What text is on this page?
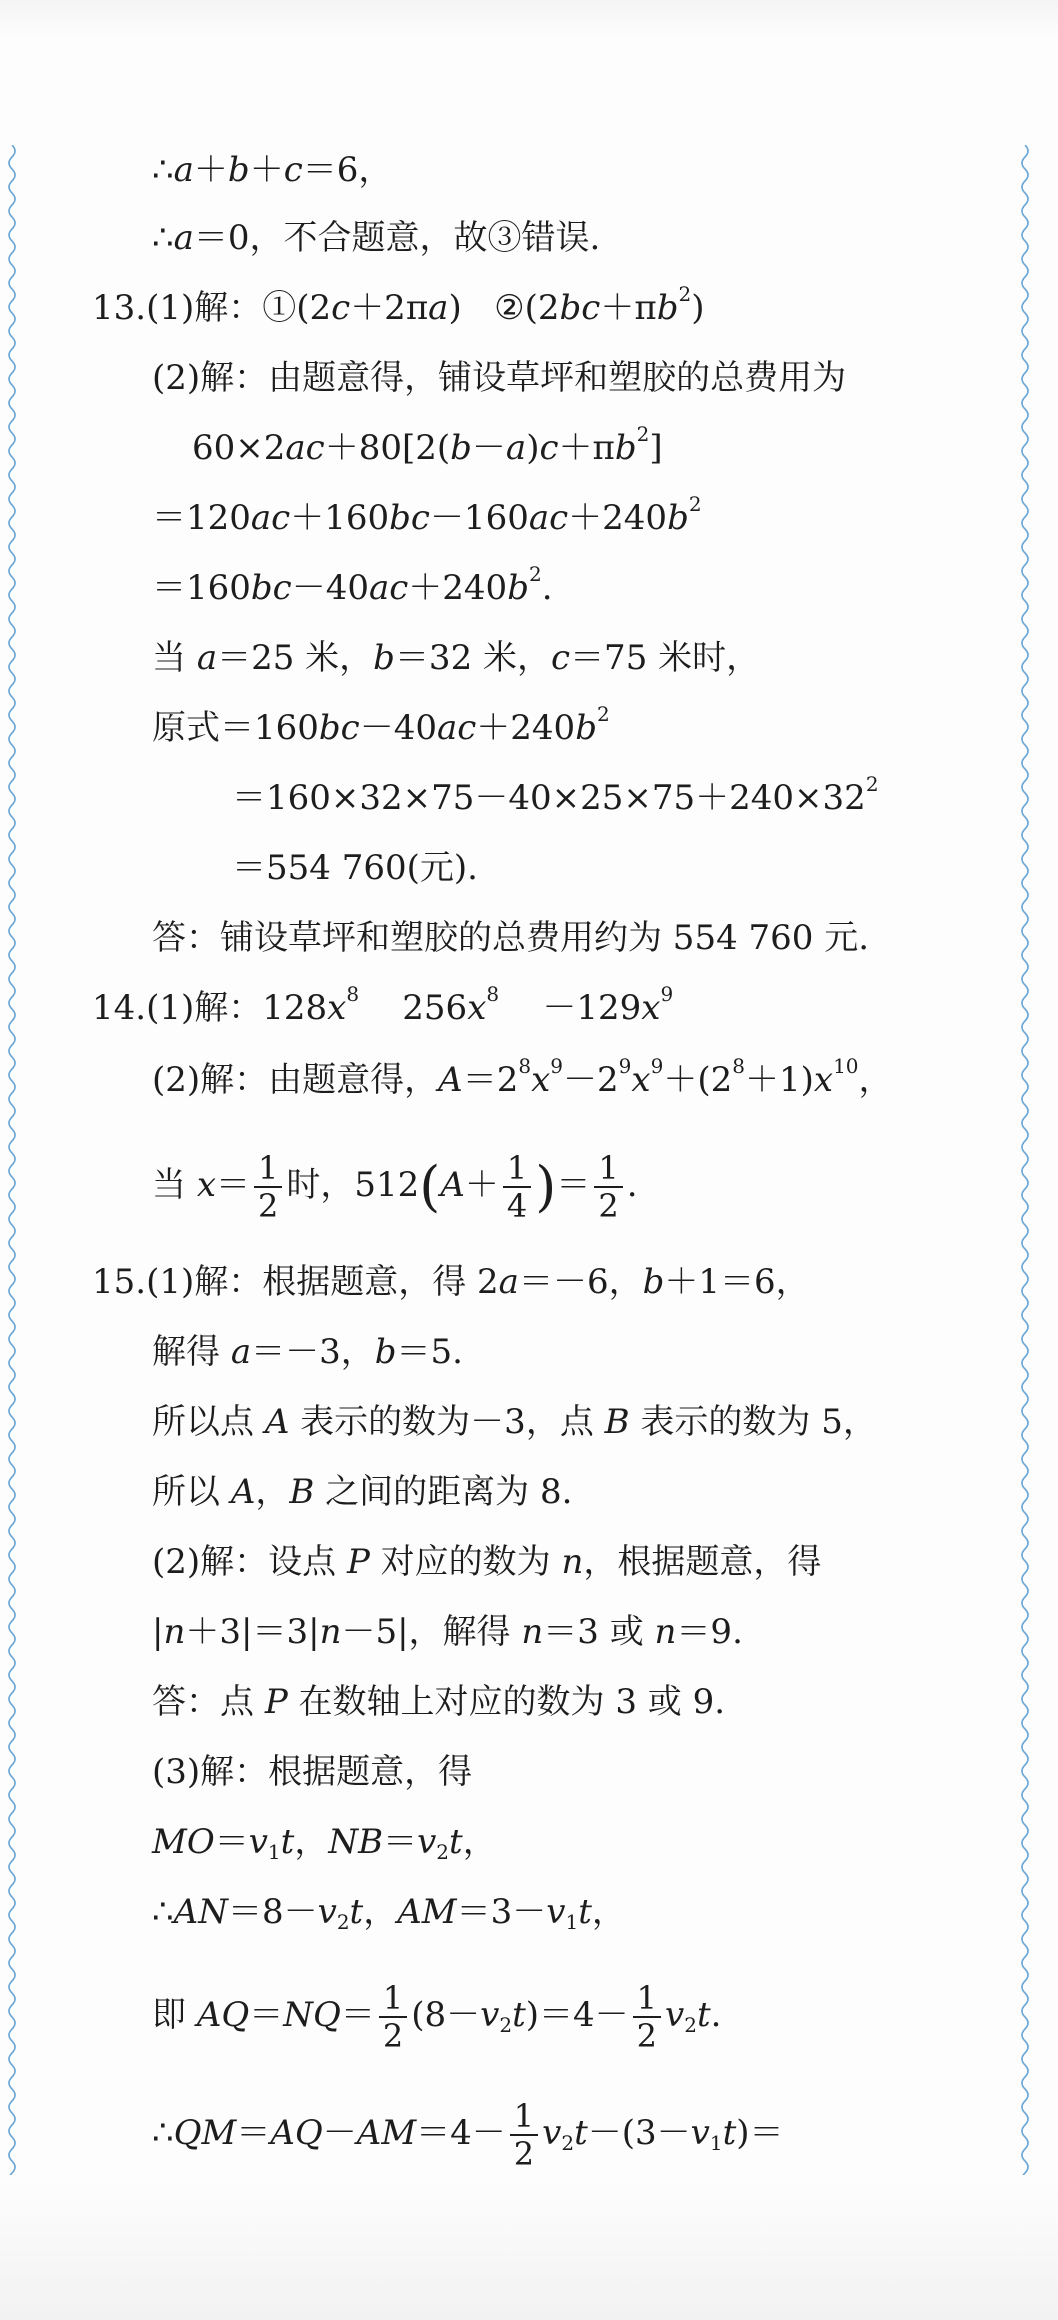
∴a＋b＋c＝6，
∴a＝0，不合题意，故③错误.
13.(1)解：①(2c＋2πa)   $②(2bc+\pi b^2)$
(2)解：由题意得，铺设草坪和塑胶的总费用为
$60\times 2ac+80[2(b-a)c+\pi b^2]$
$=120ac+160bc-160ac+240b^2$
$=160bc-40ac+240b^2$.
当 a＝25 米，b＝32 米，c＝75 米时，
原式$=160bc-40ac+240b^2$
$=160\times 32\times 75-40\times 25\times 75+240\times 32^2$
＝554 760(元).
答：铺设草坪和塑胶的总费用约为 554 760 元.
14.(1)解：$128x^8$    $256x^8$    $-129x^9$
(2)解：由题意得，$A=2^8x^9-2^9x^9+(2^8+1)x^{10}$，
当 $x= \frac{1}{2}$ 时，$512(A+ \frac{1}{4}$ )＝ $\frac{1}{2}$ .
15.(1)解：根据题意，得 2a＝－6，b＋1＝6，
解得 a＝－3，b＝5.
所以点 A 表示的数为－3，点 B 表示的数为 5，
所以 A，B 之间的距离为 8.
(2)解：设点 P 对应的数为 n，根据题意，得
|n＋3|＝3|n－5|，解得 n＝3 或 n＝9.
答：点 P 在数轴上对应的数为 3 或 9.
(3)解：根据题意，得
$MO=v_1t$，$NB=v_2t$，
$\therefore AN=8-v_2t$，$AM=3-v_1t$，
即 $AQ=NQ= \frac{1}{2} (8-v_2t)=4- \frac{1}{2} v_2t$.
∴QM＝AQ－AM＝4－ $\frac{1}{2} v_2t-(3-v_1t)=$
